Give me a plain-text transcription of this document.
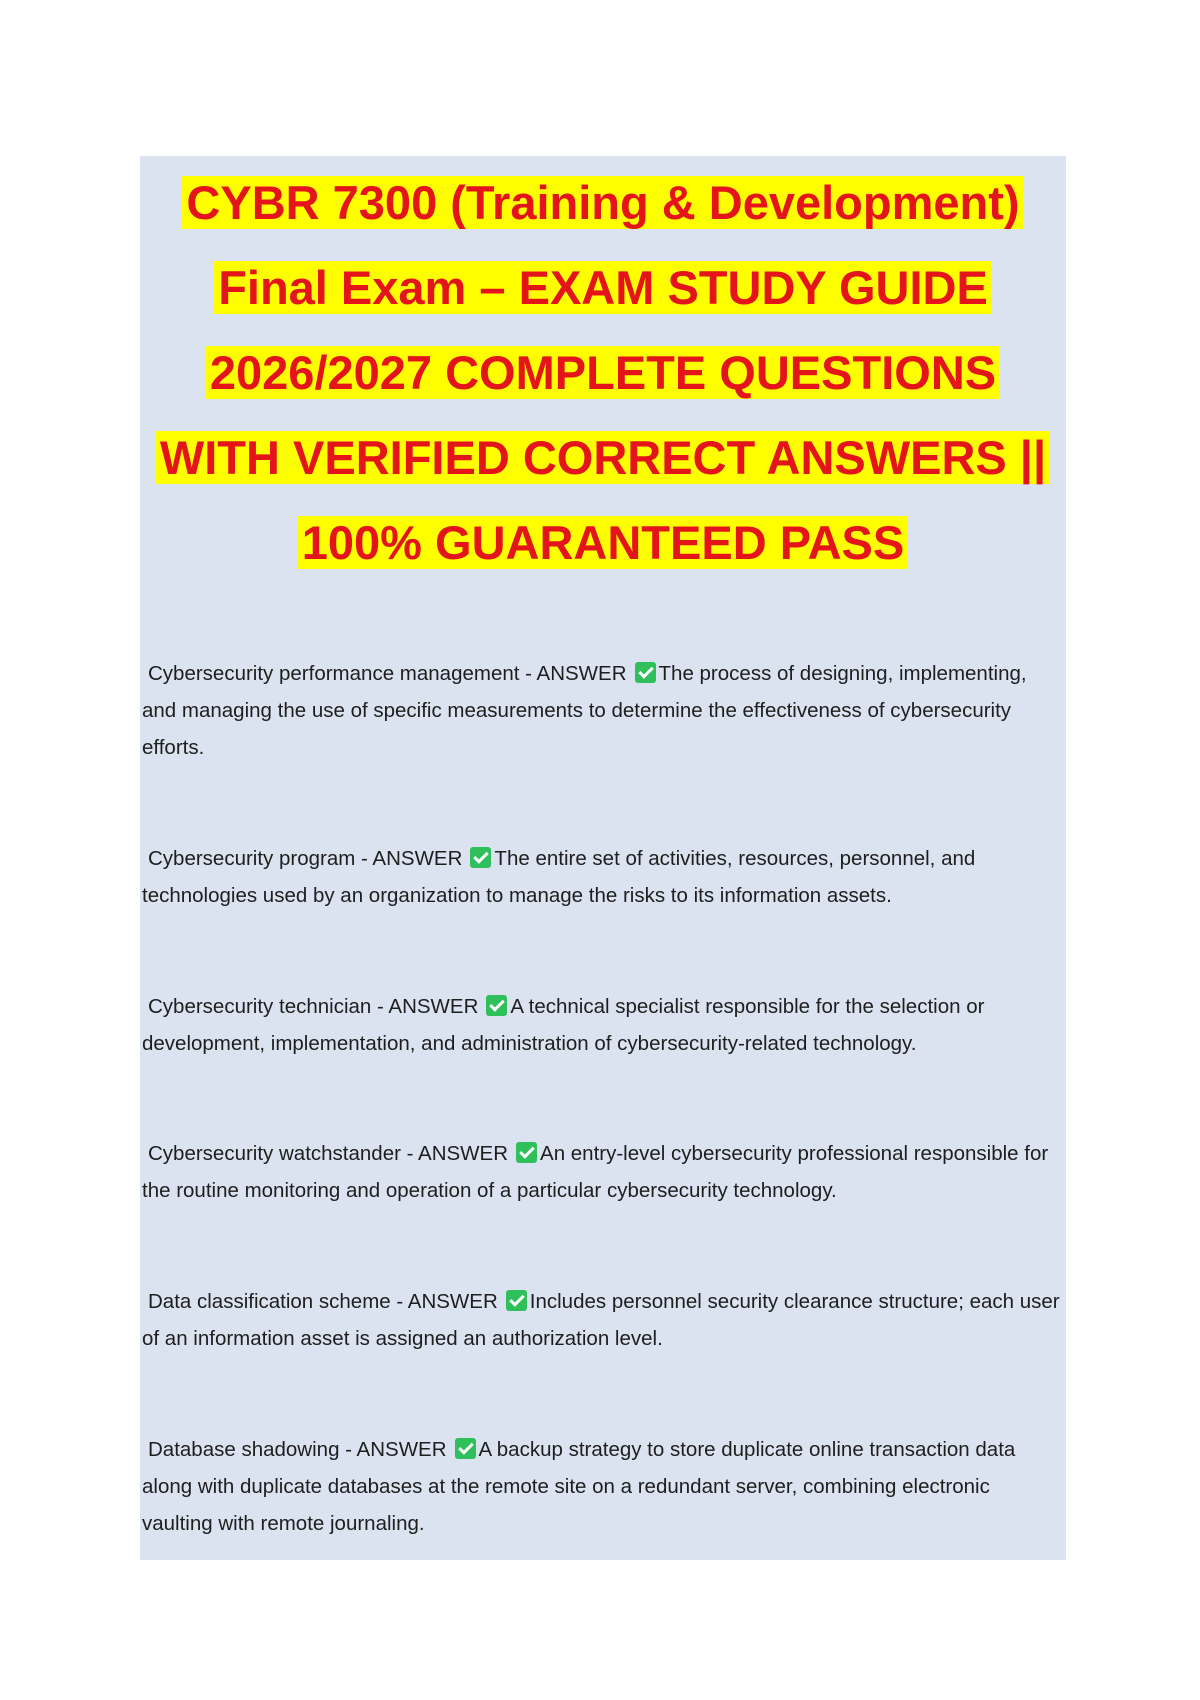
CYBR 7300 (Training & Development)
Final Exam – EXAM STUDY GUIDE
2026/2027 COMPLETE QUESTIONS
WITH VERIFIED CORRECT ANSWERS ||
100% GUARANTEED PASS
Cybersecurity performance management - ANSWER The process of designing, implementing, and managing the use of specific measurements to determine the effectiveness of cybersecurity efforts.
Cybersecurity program - ANSWER The entire set of activities, resources, personnel, and technologies used by an organization to manage the risks to its information assets.
Cybersecurity technician - ANSWER A technical specialist responsible for the selection or development, implementation, and administration of cybersecurity-related technology.
Cybersecurity watchstander - ANSWER An entry-level cybersecurity professional responsible for the routine monitoring and operation of a particular cybersecurity technology.
Data classification scheme - ANSWER Includes personnel security clearance structure; each user of an information asset is assigned an authorization level.
Database shadowing - ANSWER A backup strategy to store duplicate online transaction data along with duplicate databases at the remote site on a redundant server, combining electronic vaulting with remote journaling.
